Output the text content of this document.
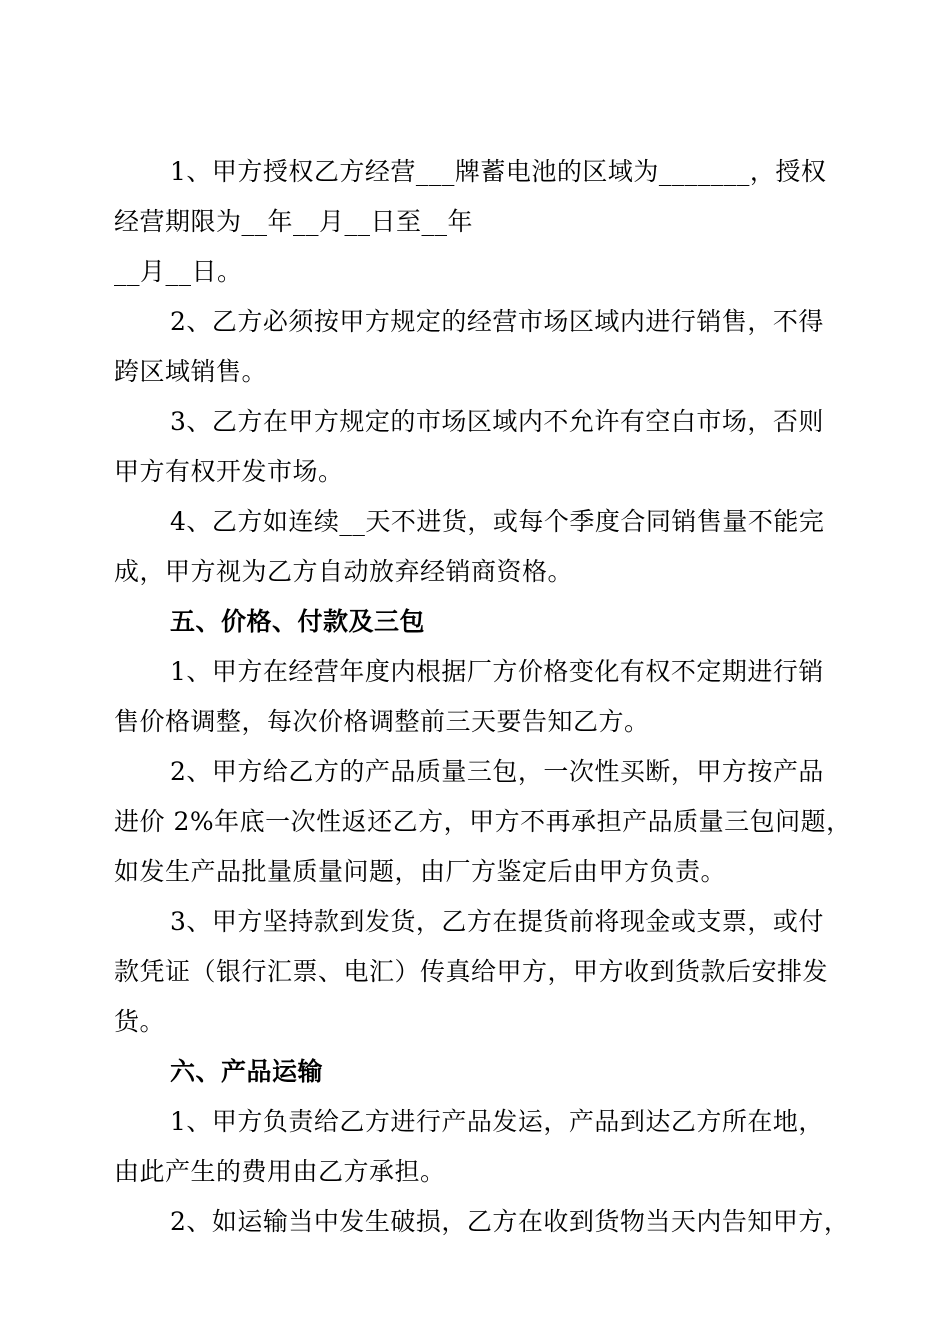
1、甲方授权乙方经营___牌蓄电池的区域为_______，授权
经营期限为__年__月__日至__年
__月__日。
2、乙方必须按甲方规定的经营市场区域内进行销售，不得
跨区域销售。
3、乙方在甲方规定的市场区域内不允许有空白市场，否则
甲方有权开发市场。
4、乙方如连续__天不进货，或每个季度合同销售量不能完
成，甲方视为乙方自动放弃经销商资格。
五、价格、付款及三包
1、甲方在经营年度内根据厂方价格变化有权不定期进行销
售价格调整，每次价格调整前三天要告知乙方。
2、甲方给乙方的产品质量三包，一次性买断，甲方按产品
进价 2%年底一次性返还乙方，甲方不再承担产品质量三包问题，
如发生产品批量质量问题，由厂方鉴定后由甲方负责。
3、甲方坚持款到发货，乙方在提货前将现金或支票，或付
款凭证（银行汇票、电汇）传真给甲方，甲方收到货款后安排发
货。
六、产品运输
1、甲方负责给乙方进行产品发运，产品到达乙方所在地，
由此产生的费用由乙方承担。
2、如运输当中发生破损，乙方在收到货物当天内告知甲方，
